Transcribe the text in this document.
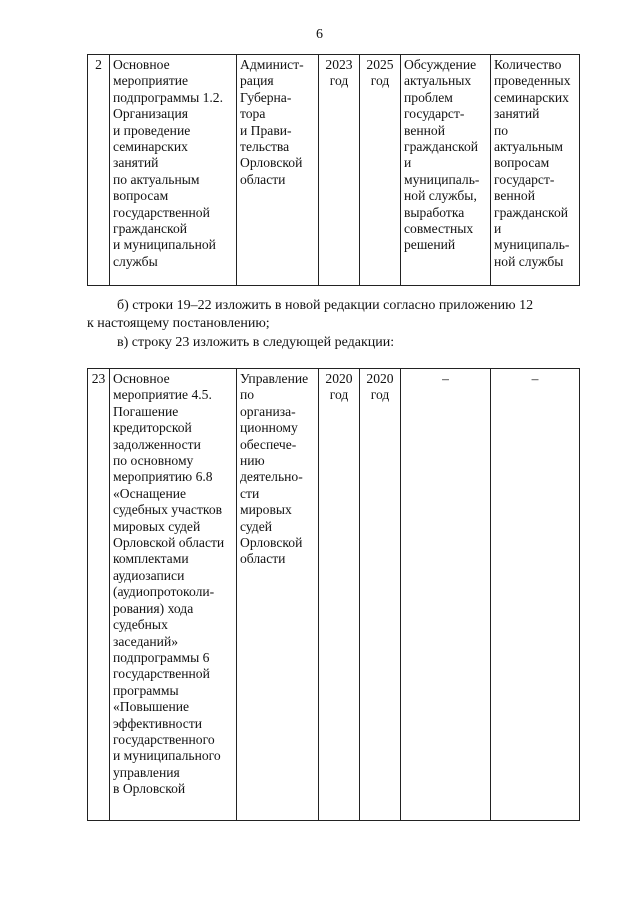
6
2	Основное
мероприятие
подпрограммы 1.2.
Организация
и проведение
семинарских
занятий
по актуальным
вопросам
государственной
гражданской
и муниципальной
службы	Админист-
рация
Губерна-
тора
и Прави-
тельства
Орловской
области	2023
год	2025
год	Обсуждение
актуальных
проблем
государст-
венной
гражданской
и
муниципаль-
ной службы,
выработка
совместных
решений	Количество
проведенных
семинарских
занятий
по
актуальным
вопросам
государст-
венной
гражданской
и
муниципаль-
ной службы

б) строки 19–22 изложить в новой редакции согласно приложению 12
к настоящему постановлению;

в) строку 23 изложить в следующей редакции:

23	Основное
мероприятие 4.5.
Погашение
кредиторской
задолженности
по основному
мероприятию 6.8
«Оснащение
судебных участков
мировых судей
Орловской области
комплектами
аудиозаписи
(аудиопротоколи-
рования) хода
судебных
заседаний»
подпрограммы 6
государственной
программы
«Повышение
эффективности
государственного
и муниципального
управления
в Орловской	Управление
по
организа-
ционному
обеспече-
нию
деятельно-
сти
мировых
судей
Орловской
области	2020
год	2020
год	–	–
